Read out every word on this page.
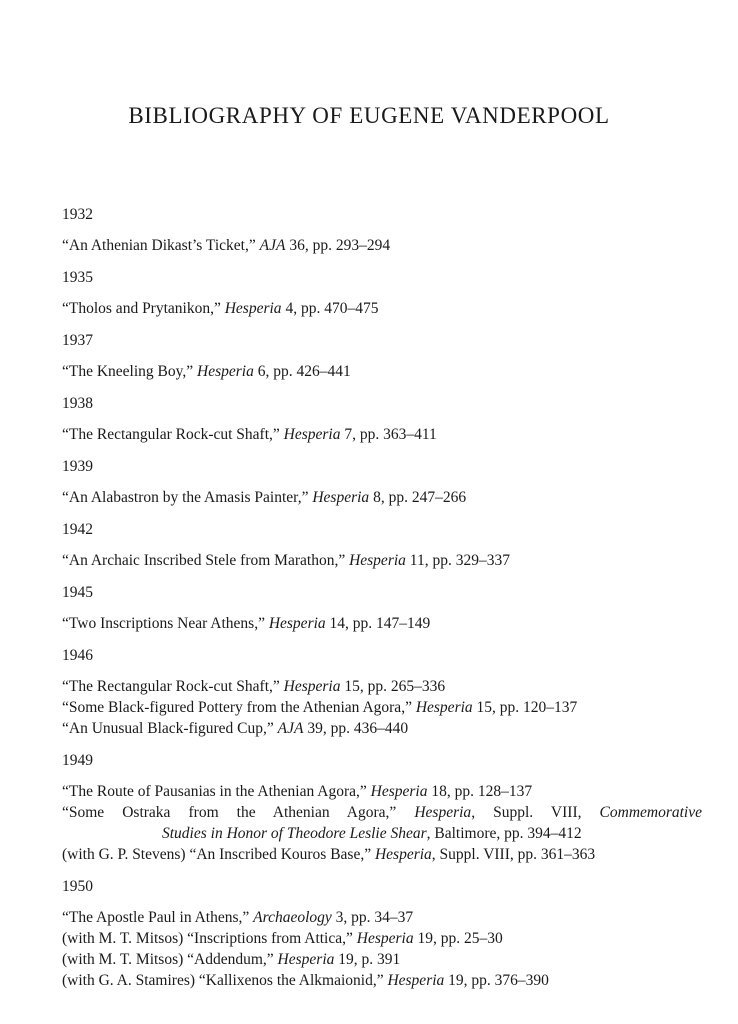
BIBLIOGRAPHY OF EUGENE VANDERPOOL
1932
“An Athenian Dikast’s Ticket,” AJA 36, pp. 293–294
1935
“Tholos and Prytanikon,” Hesperia 4, pp. 470–475
1937
“The Kneeling Boy,” Hesperia 6, pp. 426–441
1938
“The Rectangular Rock-cut Shaft,” Hesperia 7, pp. 363–411
1939
“An Alabastron by the Amasis Painter,” Hesperia 8, pp. 247–266
1942
“An Archaic Inscribed Stele from Marathon,” Hesperia 11, pp. 329–337
1945
“Two Inscriptions Near Athens,” Hesperia 14, pp. 147–149
1946
“The Rectangular Rock-cut Shaft,” Hesperia 15, pp. 265–336
“Some Black-figured Pottery from the Athenian Agora,” Hesperia 15, pp. 120–137
“An Unusual Black-figured Cup,” AJA 39, pp. 436–440
1949
“The Route of Pausanias in the Athenian Agora,” Hesperia 18, pp. 128–137
“Some Ostraka from the Athenian Agora,” Hesperia, Suppl. VIII, Commemorative
Studies in Honor of Theodore Leslie Shear, Baltimore, pp. 394–412
(with G. P. Stevens) “An Inscribed Kouros Base,” Hesperia, Suppl. VIII, pp. 361–363
1950
“The Apostle Paul in Athens,” Archaeology 3, pp. 34–37
(with M. T. Mitsos) “Inscriptions from Attica,” Hesperia 19, pp. 25–30
(with M. T. Mitsos) “Addendum,” Hesperia 19, p. 391
(with G. A. Stamires) “Kallixenos the Alkmaionid,” Hesperia 19, pp. 376–390
